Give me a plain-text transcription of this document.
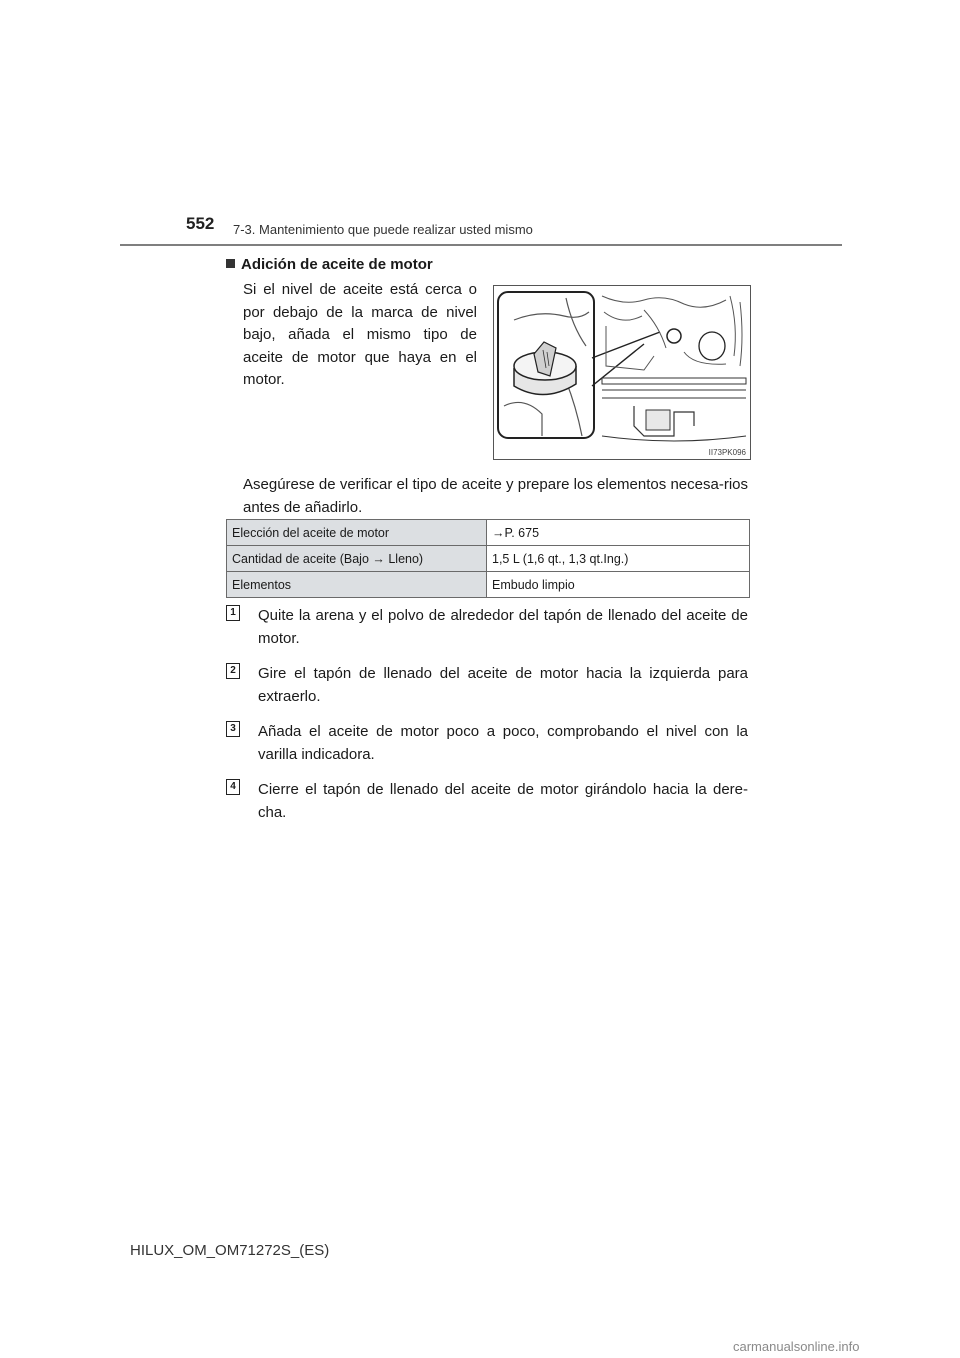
552 7-3. Mantenimiento que puede realizar usted mismo
Adición de aceite de motor
Si el nivel de aceite está cerca o por debajo de la marca de nivel bajo, añada el mismo tipo de aceite de motor que haya en el motor.
II73PK096
Asegúrese de verificar el tipo de aceite y prepare los elementos necesa-rios antes de añadirlo.
Elección del aceite de motor	→P. 675
Cantidad de aceite (Bajo → Lleno)	1,5 L (1,6 qt., 1,3 qt.Ing.)
Elementos	Embudo limpio
1 Quite la arena y el polvo de alrededor del tapón de llenado del aceite de motor.
2 Gire el tapón de llenado del aceite de motor hacia la izquierda para extraerlo.
3 Añada el aceite de motor poco a poco, comprobando el nivel con la varilla indicadora.
4 Cierre el tapón de llenado del aceite de motor girándolo hacia la dere-cha.
HILUX_OM_OM71272S_(ES)
carmanualsonline.info
